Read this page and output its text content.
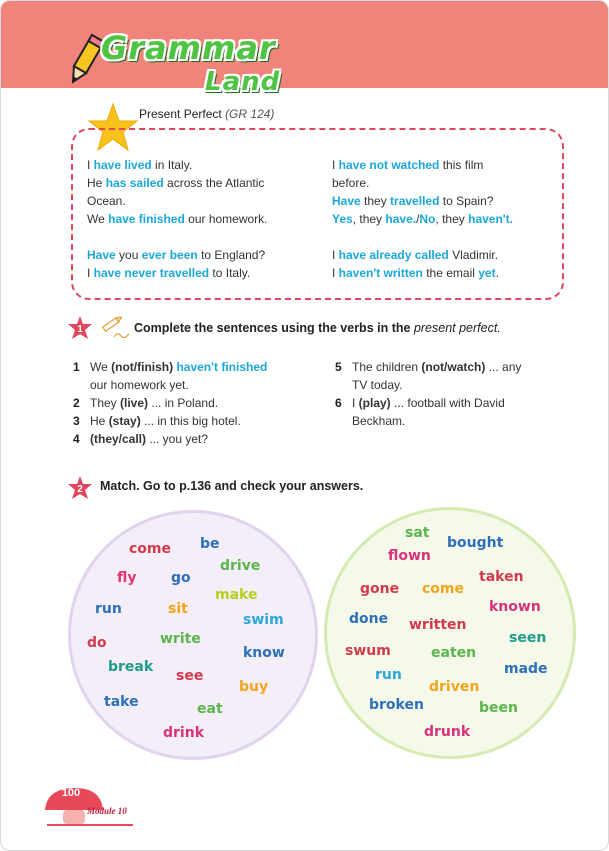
Grammar
Land
Present Perfect (GR 124)

I have lived in Italy.

He has sailed across the Atlantic

Ocean.

We have finished our homework.

Have you ever been to England?

I have never travelled to Italy.

I have not watched this film

before.

Have they travelled to Spain?

Yes, they have./No, they haven't.

I have already called Vladimir.

I haven't written the email yet.

1	Complete the sentences using the verbs in the present perfect.
1 We (not/finish) haven't finished
our homework yet.
2 They (live) ... in Poland.
3 He (stay) ... in this big hotel.
4 (they/call) ... you yet?
5 The children (not/watch) ... any
TV today.
6 I (play) ... football with David
Beckham.
2 Match. Go to p.136 and check your answers.
come be
drive
fly go
make
run	sit
swim
do	write
know
break
see
buy
take	eat
drink
sat
bought
flown
gone come
taken
done written
known
swum	eaten
seen
run
driven
made
broken	been
drunk
100
Module 10
